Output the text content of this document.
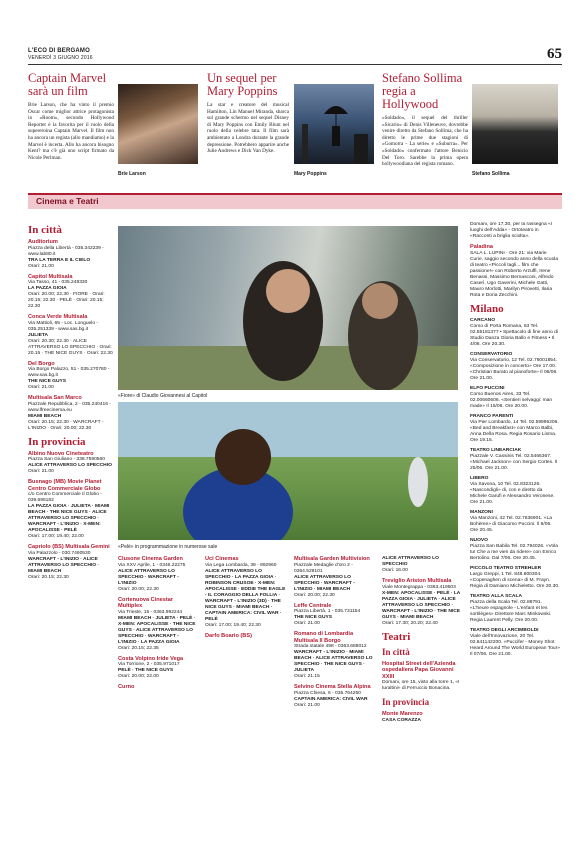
L'ECO DI BERGAMO
VENERDÌ 3 GIUGNO 2016	65
Captain Marvel sarà un film

Brie Larson, che ha vinto il premio Oscar come miglior attrice protagonista in «Room», secondo Hollywood Reporter è la favorita per il ruolo della supereroina Captain Marvel. Il film non ha ancora un regista (allo mandiamo) e la Marvel è incerta. Allo ha ancora bisogno Kent? ma c'è già uno script firmato da Nicole Perlman.

Brie Larson
Un sequel per Mary Poppins

La star e creatore del musical Hamilton, Lin Manuel Miranda, sbarca sul grande schermo nel sequel Disney di Mary Poppins con Emily Blunt nel ruolo della celebre tata. Il film sarà ambientato a Londra durante la grande depressione. Potrebbero apparire anche Julie Andrews e Dick Van Dyke.

Mary Poppins
Stefano Sollima regia a Hollywood

«Soldado», il sequel del thriller «Sicario» di Denis Villeneuve, dovrebbe venire diretto da Stefano Sollima, che ha diretto le prime due stagioni di «Gomorra - La serie» e «Suburra». Per «Soldado» confermato l'attore Benicio Del Toro. Sarebbe la prima opera hollywoodiana del regista romano.

Stefano Sollima
Cinema e Teatri
«Fiore» di Claudio Giovannesi al Capitol
«Pelè» in programmazione in numerose sale
In città
Auditorium
Piazza della Libertà - 035.342239 - www.lab80.it
TRA LA TERRA E IL CIELO
Orari: 21.00
Capitol Multisala
Via Tasso, 41 - 035.248330
LA PAZZA GIOIA
Orari: 20.00; 22.30 · FIORE · Orari: 20.15; 22.30 · PELÈ · Orari: 20.15; 22.30
Conca Verde Multisala
Via Mattioli, 65 - Loc. Longuelo - 035.251339 - www.sas.bg.it
JULIETA
Orari: 20.30; 22.30 · ALICE ATTRAVERSO LO SPECCHIO · Orari: 20.15 · THE NICE GUYS · Orari: 22.30
Del Borgo
Via Borgo Palazzo, 51 - 035.270780 - www.sas.bg.it
THE NICE GUYS
Orari: 21.00
Multisala San Marco
Piazzale Repubblica, 2 - 035.240416 - www.lfreecinema.eu
MIAMI BEACH
Orari: 20.15; 22.30 · WARCRAFT - L'INIZIO · Orari: 20.00; 22.30
In provincia
Albino Nuovo Cineteatro
Piazza San Giuliano - 338.7590560
ALICE ATTRAVERSO LO SPECCHIO
Orari: 21.00
Busnago (MB) Movie Planet Centro Commerciale Globo
c/o Centro Commerciale Il Globo - 039.695182
LA PAZZA GIOIA · JULIETA · MIAMI BEACH · THE NICE GUYS · ALICE ATTRAVERSO LO SPECCHIO · WARCRAFT - L'INIZIO · X-MEN: APOCALISSE · PELÈ
Orari: 17.00; 19.40; 22.00
Capriolo (BS) Multisala Gemini
Via Palazzolo - 030.7460530
WARCRAFT - L'INIZIO · ALICE ATTRAVERSO LO SPECCHIO · MIAMI BEACH
Orari: 20.15; 22.30
Clusone Cinema Garden
Via XXV Aprile, 1 - 0346.22275
ALICE ATTRAVERSO LO SPECCHIO · WARCRAFT - L'INIZIO
Orari: 20.00; 22.30
Cortenuova Cinestar Multiplex
Via Trieste, 15 - 0363.992244
MIAMI BEACH · JULIETA · PELÈ · X-MEN: APOCALISSE · THE NICE GUYS · ALICE ATTRAVERSO LO SPECCHIO · WARCRAFT - L'INIZIO · LA PAZZA GIOIA
Orari: 20.15; 22.35
Costa Volpino Iride Vega
Via Torrione, 2 - 035.971017
PELÈ · THE NICE GUYS
Orari: 20.00; 22.00
Curno
Uci Cinemas
Via Lega Lombarda, 39 - 892960
ALICE ATTRAVERSO LO SPECCHIO · LA PAZZA GIOIA · ROBINSON CRUSOE · X-MEN: APOCALISSE · EDDIE THE EAGLE - IL CORAGGIO DELLA FOLLIA · WARCRAFT - L'INIZIO (3D) · THE NICE GUYS · MIAMI BEACH · CAPTAIN AMERICA: CIVIL WAR · PELÈ
Orari: 17.00; 19.40; 22.30
Darfo Boario (BS)
Multisala Garden Multivision
Piazzale Medaglie d'oro 2 - 0364.529101
ALICE ATTRAVERSO LO SPECCHIO · WARCRAFT - L'INIZIO · MIAMI BEACH
Orari: 20.00; 22.30
Leffe Centrale
Piazza Libertà, 1 - 035.731154
THE NICE GUYS
Orari: 21.00
Romano di Lombardia Multisala Il Borgo
Strada statale 498 - 0363.688012
WARCRAFT - L'INIZIO · MIAMI BEACH · ALICE ATTRAVERSO LO SPECCHIO · THE NICE GUYS · JULIETA
Orari: 21.15
Selvino Cinema Stella Alpina
Piazza Chiesa, 6 - 035.764250
CAPTAIN AMERICA: CIVIL WAR
Orari: 21.00
ALICE ATTRAVERSO LO SPECCHIO
Orari: 16.00
Treviglio Ariston Multisala
Viale Montegrappa - 0363.419503
X-MEN: APOCALISSE · PELÈ · LA PAZZA GIOIA · JULIETA · ALICE ATTRAVERSO LO SPECCHIO · WARCRAFT - L'INIZIO · THE NICE GUYS · MIAMI BEACH
Orari: 17.30; 20.20; 22.40
Teatri
In città
Hospital Street dell'Azienda ospedaliera Papa Giovanni XXIII
Domani, ore 15, visto alla torre 1, «I turaltini» di Ferruccio Bonacina.
In provincia
Monte Marenzo
CASA CORAZZA
Domani, ore 17.30, per la rassegna «I luoghi dell'Adda» - Ortoteatro in «Racconti a briglia sciolta».
Paladina
SALA L. LUPINI · Ore 21: via Marie Curie, saggio secondo anno della scuola di teatro «Piccoli tagli... film che passione!» con Roberto Arzuffi, Irene Benassi, Massimo Bernasconi, Alfredo Caserì, Ugo Gaverini, Michele Gatti, Mauro Morlotti, Marilyn Pirovetti, Ilaria Rota e Doria Zecchini.
Milano
CARCANO
Corso di Porta Romana, 63 Tel. 02.55181377 • Spettacolo di fine anno di Studio Danza Gloria Ballo e Fitness • Il 4/06. Ore 20.30.
CONSERVATORIO
Via Conservatorio, 12 Tel. 02.76001854. «Composizione in concerto» Ore 17.00. «Christian Burato al pianoforte» Il 06/06. Ore 21.00.
ELFO PUCCINI
Corso Buenos Aires, 33 Tel. 02.00660606. «Sentieri selvaggi: man made» Il 15/06. Ore 20.00.
FRANCO PARENTI
Via Pier Lombardo, 14 Tel. 02.59995206. «Bed and Breakfast» con Marco Balbi, Anna Della Rosa. Regia Rosario Lisma. Ore 19.15.
TEATRO LINEARCIAK
Piazzale V. Cassinis Tel. 02.5466367. «Michael Jackson» con Sergio Cortes. Il 25/06. Ore 21.00.
LIBERO
Via Savona, 10 Tel. 02.8323126. «Nascondigli» di, con e diretto da Michele Garufi e Alessandro Veronese. Ore 21.00.
MANZONI
Via Manzoni, 42 Tel. 02.7636901. «La Bohème» di Giacomo Puccini. Il 6/06. Ore 20.45.
NUOVO
Piazza San Babila Tel. 02.794026. «Vola tu! Che a me vien da ridere» con Enrico Bertolino. Dal 7/06. Ore 20.45.
PICCOLO TEATRO STREHLER
Largo Greppi, 1 Tel. 848.800304. «Copenaghen di scena» di M. Frayn. Regia di Damiano Michieletto. Ore 20.30.
TEATRO ALLA SCALA
Piazza della Scala Tel. 02.88791. «L'heure espagnole - L'enfant et les sortilèges» Direttore Marc Minkowski. Regia Laurent Pelly. Ore 20.00.
TEATRO DEGLI ARCIMBOLDI
Viale dell'Innovazione, 20 Tel. 02.641142200. «Puccifer - Money Shot Heard Around The World European Tour» Il 07/06. Ore 21.00.
